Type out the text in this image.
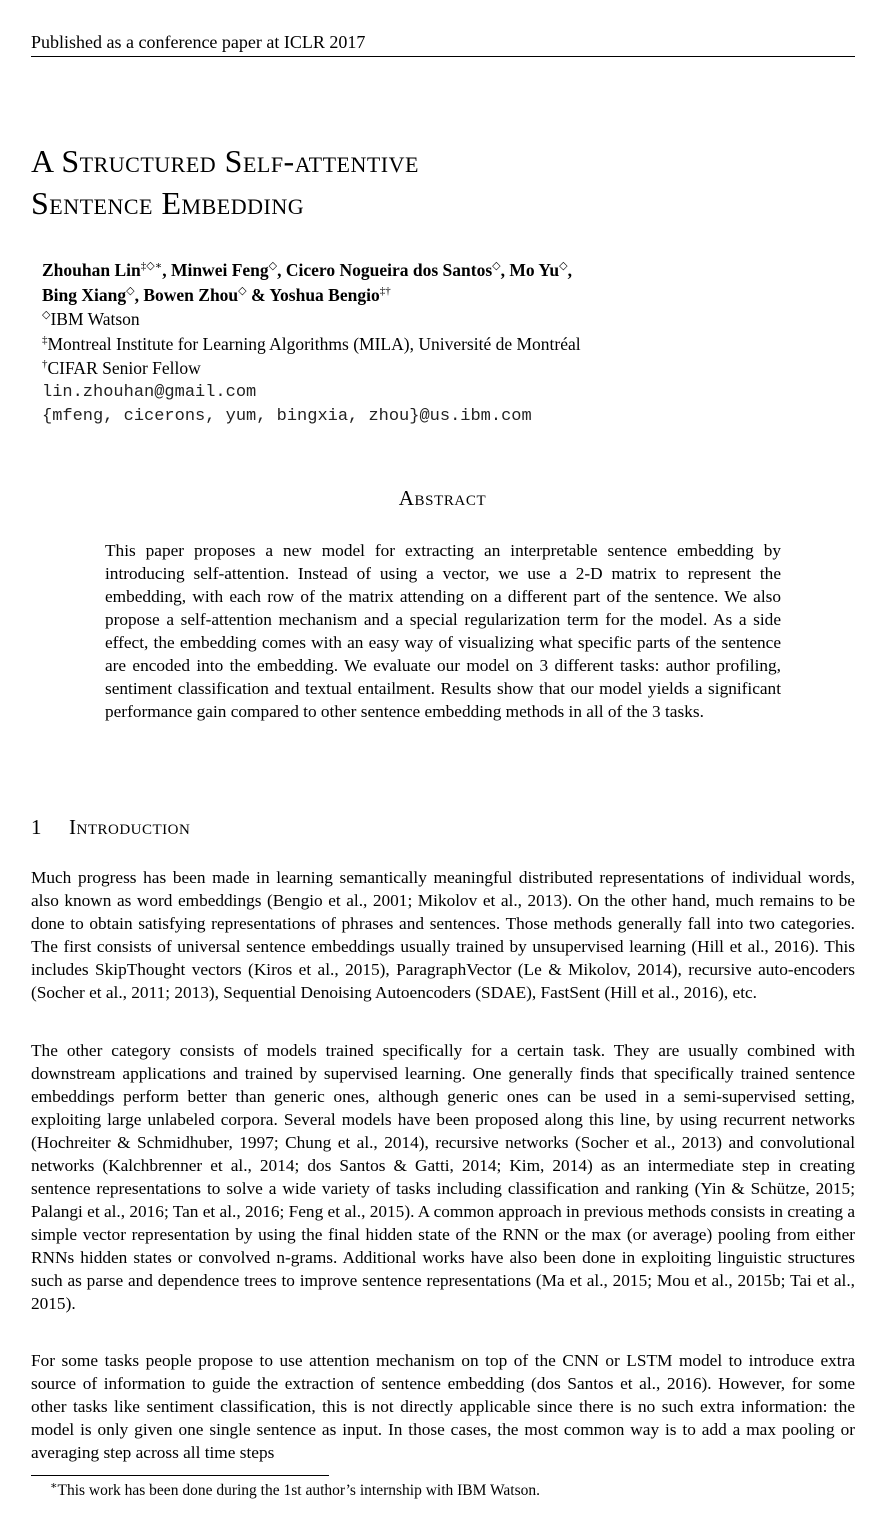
Published as a conference paper at ICLR 2017
A Structured Self-attentive
Sentence Embedding
Zhouhan Lin‡◇∗, Minwei Feng◇, Cicero Nogueira dos Santos◇, Mo Yu◇,
Bing Xiang◇, Bowen Zhou◇ & Yoshua Bengio‡†
◇IBM Watson
‡Montreal Institute for Learning Algorithms (MILA), Université de Montréal
†CIFAR Senior Fellow
lin.zhouhan@gmail.com
{mfeng, cicerons, yum, bingxia, zhou}@us.ibm.com
Abstract
This paper proposes a new model for extracting an interpretable sentence embedding by introducing self-attention. Instead of using a vector, we use a 2-D matrix to represent the embedding, with each row of the matrix attending on a different part of the sentence. We also propose a self-attention mechanism and a special regularization term for the model. As a side effect, the embedding comes with an easy way of visualizing what specific parts of the sentence are encoded into the embedding. We evaluate our model on 3 different tasks: author profiling, sentiment classification and textual entailment. Results show that our model yields a significant performance gain compared to other sentence embedding methods in all of the 3 tasks.
1 Introduction
Much progress has been made in learning semantically meaningful distributed representations of individual words, also known as word embeddings (Bengio et al., 2001; Mikolov et al., 2013). On the other hand, much remains to be done to obtain satisfying representations of phrases and sentences. Those methods generally fall into two categories. The first consists of universal sentence embeddings usually trained by unsupervised learning (Hill et al., 2016). This includes SkipThought vectors (Kiros et al., 2015), ParagraphVector (Le & Mikolov, 2014), recursive auto-encoders (Socher et al., 2011; 2013), Sequential Denoising Autoencoders (SDAE), FastSent (Hill et al., 2016), etc.
The other category consists of models trained specifically for a certain task. They are usually combined with downstream applications and trained by supervised learning. One generally finds that specifically trained sentence embeddings perform better than generic ones, although generic ones can be used in a semi-supervised setting, exploiting large unlabeled corpora. Several models have been proposed along this line, by using recurrent networks (Hochreiter & Schmidhuber, 1997; Chung et al., 2014), recursive networks (Socher et al., 2013) and convolutional networks (Kalchbrenner et al., 2014; dos Santos & Gatti, 2014; Kim, 2014) as an intermediate step in creating sentence representations to solve a wide variety of tasks including classification and ranking (Yin & Schütze, 2015; Palangi et al., 2016; Tan et al., 2016; Feng et al., 2015). A common approach in previous methods consists in creating a simple vector representation by using the final hidden state of the RNN or the max (or average) pooling from either RNNs hidden states or convolved n-grams. Additional works have also been done in exploiting linguistic structures such as parse and dependence trees to improve sentence representations (Ma et al., 2015; Mou et al., 2015b; Tai et al., 2015).
For some tasks people propose to use attention mechanism on top of the CNN or LSTM model to introduce extra source of information to guide the extraction of sentence embedding (dos Santos et al., 2016). However, for some other tasks like sentiment classification, this is not directly applicable since there is no such extra information: the model is only given one single sentence as input. In those cases, the most common way is to add a max pooling or averaging step across all time steps
∗This work has been done during the 1st author’s internship with IBM Watson.
